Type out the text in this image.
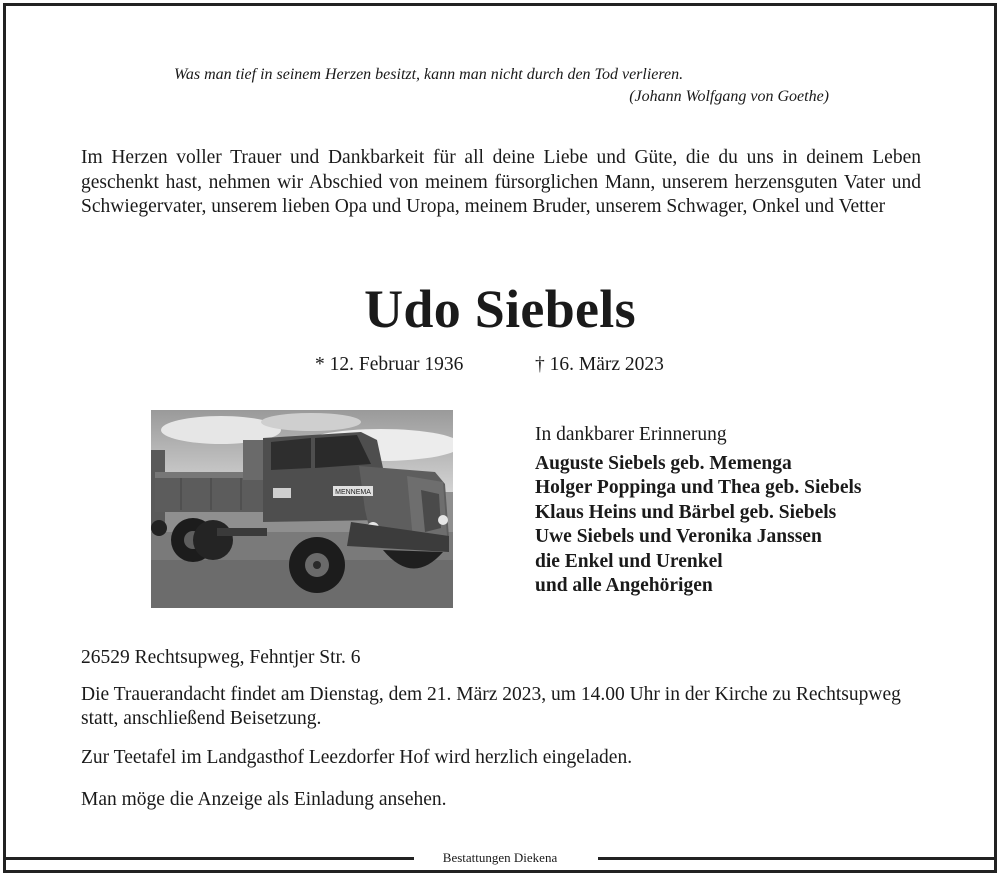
Was man tief in seinem Herzen besitzt, kann man nicht durch den Tod verlieren.
(Johann Wolfgang von Goethe)
Im Herzen voller Trauer und Dankbarkeit für all deine Liebe und Güte, die du uns in deinem Leben geschenkt hast, nehmen wir Abschied von meinem fürsorglichen Mann, unserem herzensguten Vater und Schwiegervater, unserem lieben Opa und Uropa, meinem Bruder, unserem Schwager, Onkel und Vetter
Udo Siebels
* 12. Februar 1936	† 16. März 2023
MENNEMA

In dankbarer Erinnerung

Auguste Siebels geb. Memenga

Holger Poppinga und Thea geb. Siebels

Klaus Heins und Bärbel geb. Siebels

Uwe Siebels und Veronika Janssen

die Enkel und Urenkel

und alle Angehörigen

26529 Rechtsupweg, Fehntjer Str. 6
Die Trauerandacht findet am Dienstag, dem 21. März 2023, um 14.00 Uhr in der Kirche zu Rechtsupweg statt, anschließend Beisetzung.
Zur Teetafel im Landgasthof Leezdorfer Hof wird herzlich eingeladen.
Man möge die Anzeige als Einladung ansehen.
Bestattungen Diekena
